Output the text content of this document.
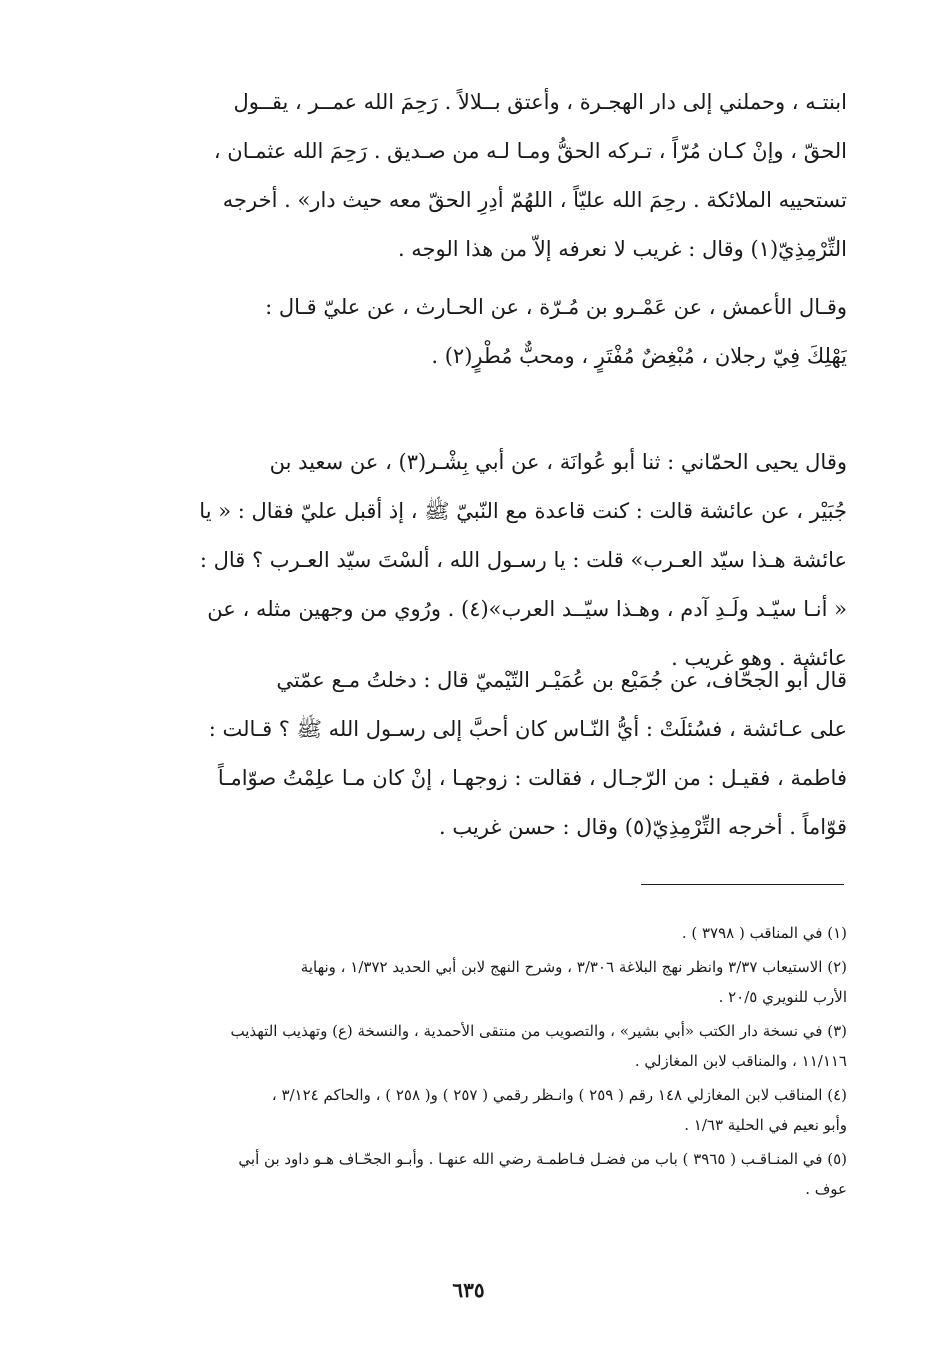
ابنتـه ، وحملني إلى دار الهجـرة ، وأعتق بــلالاً . رَحِمَ الله عمــر ، يقــول
الحقّ ، وإنْ كـان مُرّاً ، تـركه الحقُّ ومـا لـه من صـديق . رَحِمَ الله عثمـان ،
تستحييه الملائكة . رحِمَ الله عليّاً ، اللهُمّ أدِرِ الحقّ معه حيث دار» . أخرجه
التِّرْمِذِيّ(١) وقال : غريب لا نعرفه إلاّ من هذا الوجه .

وقـال الأعمش ، عن عَمْـرو بن مُـرّة ، عن الحـارث ، عن عليّ قـال :
يَهْلِكَ فِيّ رجلان ، مُبْغِضٌ مُفْتَرٍ ، ومحبٌّ مُطْرٍ(٢) .

وقال يحيى الحمّاني : ثنا أبو عُوانَة ، عن أبي بِشْـر(٣) ، عن سعيد بن
جُبَيْر ، عن عائشة قالت : كنت قاعدة مع النّبيّ ﷺ ، إذ أقبل عليّ فقال : « يا
عائشة هـذا سيّد العـرب» قلت : يا رسـول الله ، ألسْتَ سيّد العـرب ؟ قال :
« أنـا سيّـد ولَـدِ آدم ، وهـذا سيّــد العرب»(٤) . ورُوي من وجهين مثله ، عن
عائشة . وهو غريب .

قال أبو الجحّاف، عن جُمَيْع بن عُمَيْـر التّيْميّ قال : دخلتُ مـع عمّتي
على عـائشة ، فسُئلَتْ : أيُّ النّـاس كان أحبَّ إلى رسـول الله ﷺ ؟ قـالت :
فاطمة ، فقيـل : من الرّجـال ، فقالت : زوجهـا ، إنْ كان مـا علِمْتُ صوّامـاً
قوّاماً . أخرجه التِّرْمِذِيّ(٥) وقال : حسن غريب .

(١) في المناقب ( ٣٧٩٨ ) .
(٢) الاستيعاب ٣/٣٧ وانظر نهج البلاغة ٣/٣٠٦ ، وشرح النهج لابن أبي الحديد ١/٣٧٢ ، ونهاية
الأرب للنويري ٢٠/٥ .
(٣) في نسخة دار الكتب «أبي بشير» ، والتصويب من منتقى الأحمدية ، والنسخة (ع) وتهذيب التهذيب
١١/١١٦ ، والمناقب لابن المغازلي .
(٤) المناقب لابن المغازلي ١٤٨ رقم ( ٢٥٩ ) وانـظر رقمي ( ٢٥٧ ) و( ٢٥٨ ) ، والحاكم ٣/١٢٤ ،
وأبو نعيم في الحلية ١/٦٣ .
(٥) في المنـاقـب ( ٣٩٦٥ ) باب من فضـل فـاطمـة رضي الله عنهـا . وأبـو الجحّـاف هـو داود بن أبي
عوف .
٦٣٥
